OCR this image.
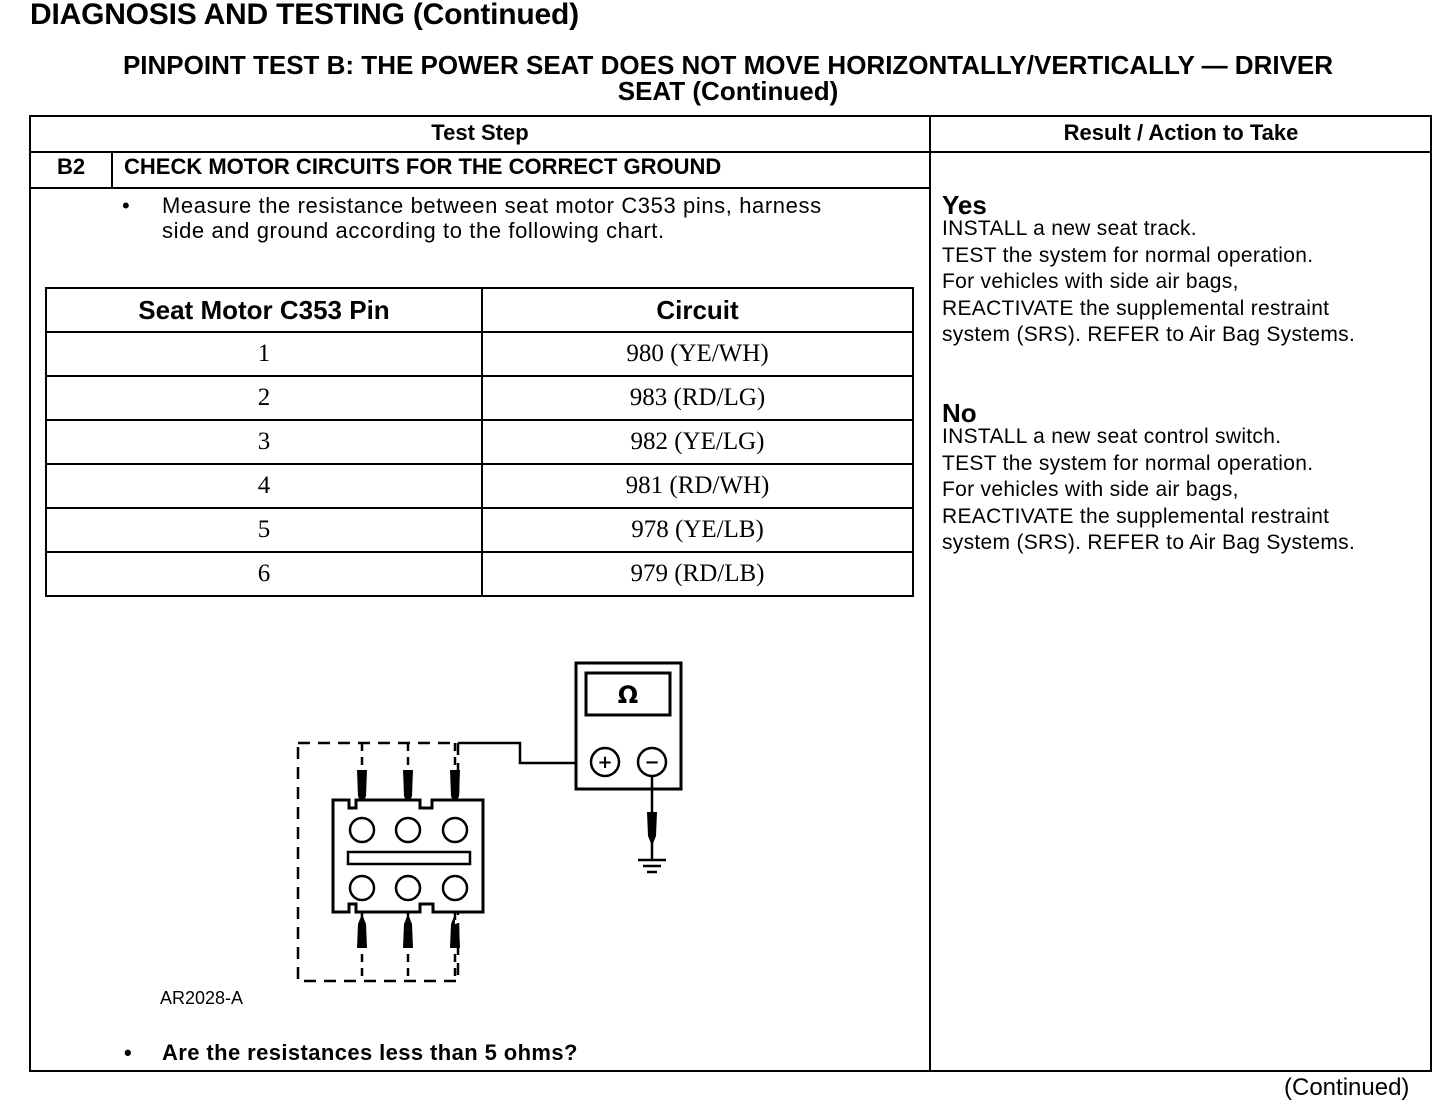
DIAGNOSIS AND TESTING (Continued)
PINPOINT TEST B: THE POWER SEAT DOES NOT MOVE HORIZONTALLY/VERTICALLY — DRIVER
SEAT (Continued)
Test Step	Result / Action to Take
B2	CHECK MOTOR CIRCUITS FOR THE CORRECT GROUND
• Measure the resistance between seat motor C353 pins, harness
side and ground according to the following chart.
Seat Motor C353 Pin	Circuit
1	980 (YE/WH)
2	983 (RD/LG)
3	982 (YE/LG)
4	981 (RD/WH)
5	978 (YE/LB)
6	979 (RD/LB)
Ω
+ −
AR2028-A
• Are the resistances less than 5 ohms?
Yes
INSTALL a new seat track.
TEST the system for normal operation.
For vehicles with side air bags,
REACTIVATE the supplemental restraint
system (SRS). REFER to Air Bag Systems.
No
INSTALL a new seat control switch.
TEST the system for normal operation.
For vehicles with side air bags,
REACTIVATE the supplemental restraint
system (SRS). REFER to Air Bag Systems.
(Continued)
